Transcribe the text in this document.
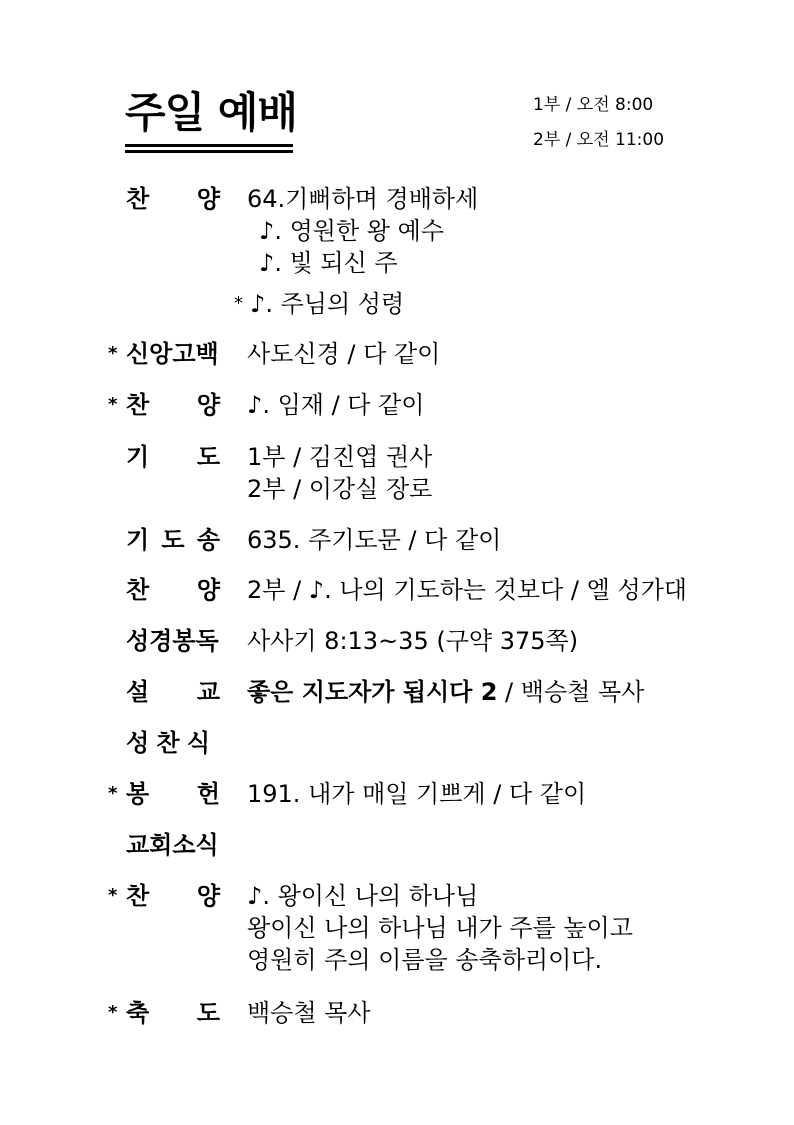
주일 예배	1부 / 오전 8:00
2부 / 오전 11:00
찬 양 64.기뻐하며 경배하세
♪. 영원한 왕 예수
♪. 빛 되신 주
* ♪. 주님의 성령
* 신앙고백 사도신경 / 다 같이
* 찬 양 ♪. 임재 / 다 같이
기 도 1부 / 김진엽 권사
2부 / 이강실 장로
기 도 송 635. 주기도문 / 다 같이
찬 양 2부 / ♪. 나의 기도하는 것보다 / 엘 성가대
성경봉독 사사기 8:13~35 (구약 375쪽)
설 교 좋은 지도자가 됩시다 2 / 백승철 목사
성 찬 식
* 봉 헌 191. 내가 매일 기쁘게 / 다 같이
교회소식
* 찬 양 ♪. 왕이신 나의 하나님
왕이신 나의 하나님 내가 주를 높이고
영원히 주의 이름을 송축하리이다.
* 축 도 백승철 목사
